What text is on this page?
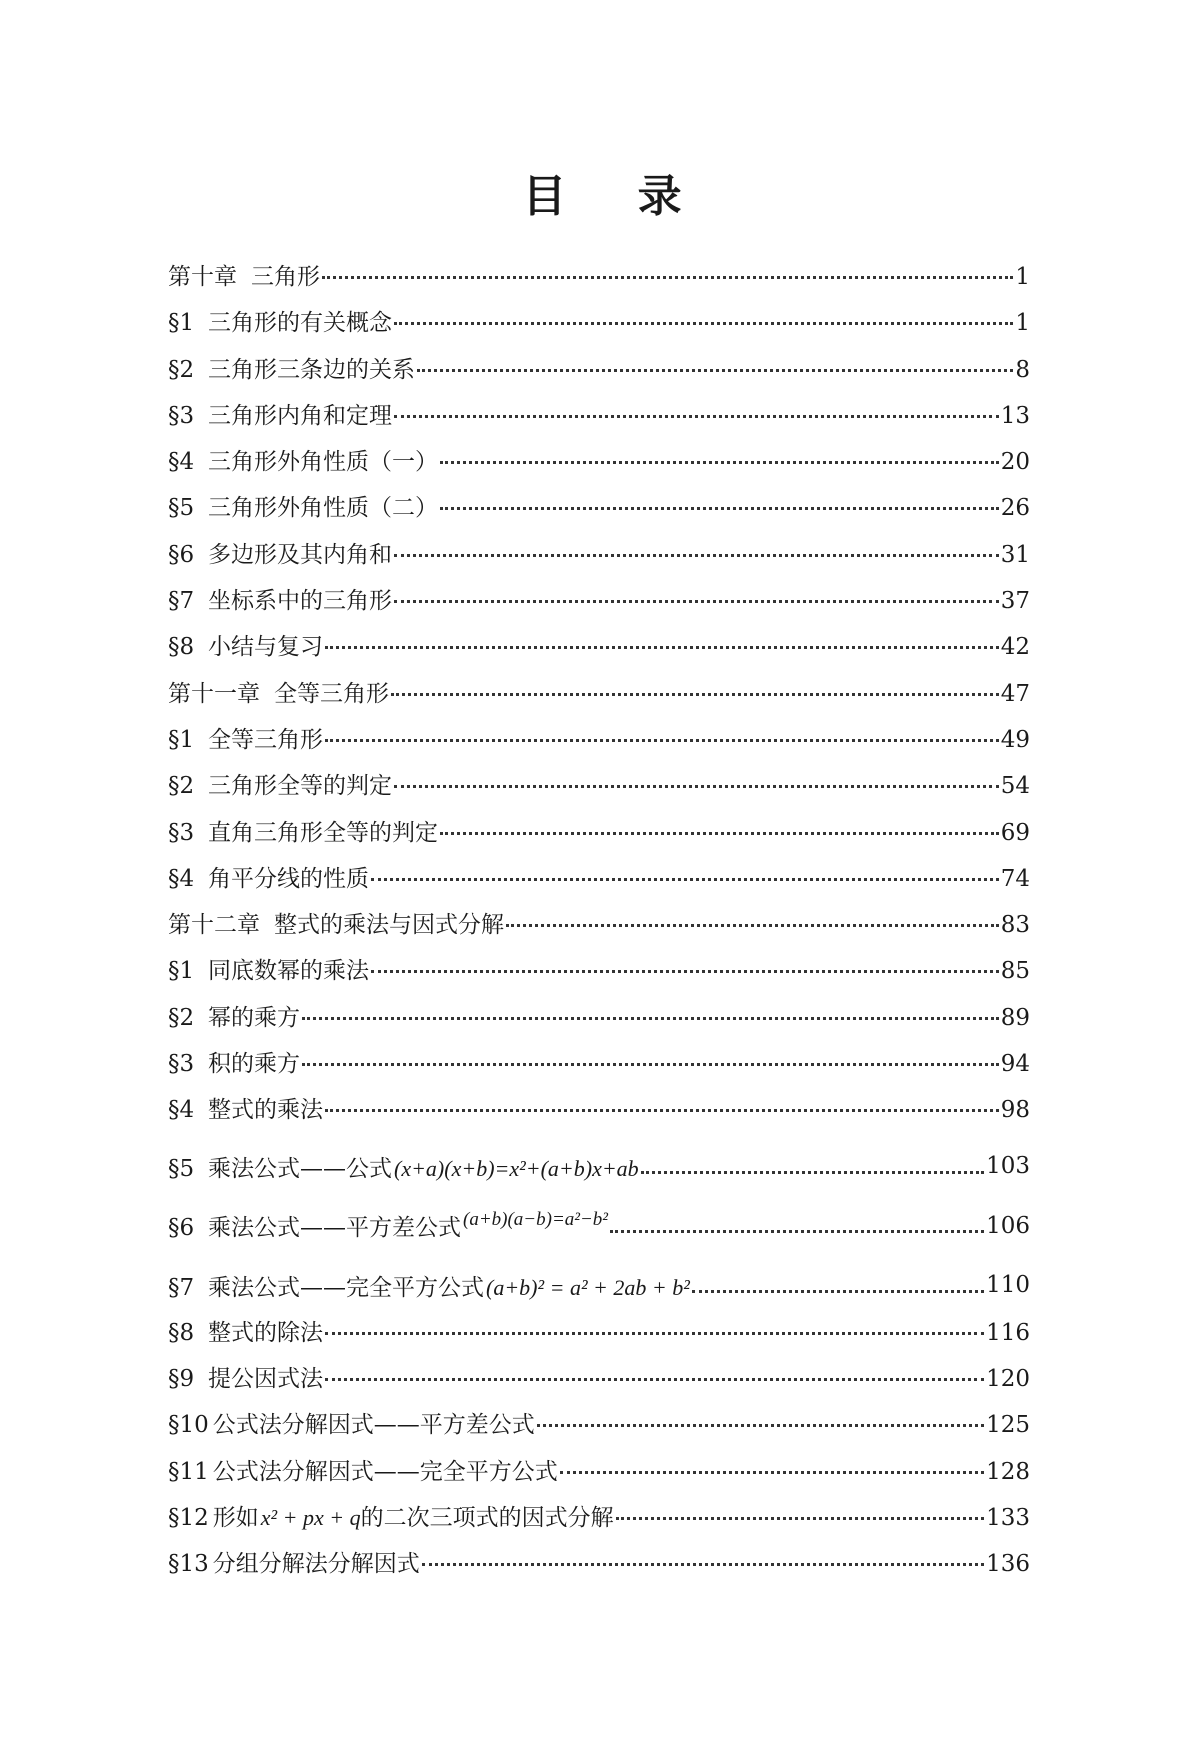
目 录
第十章 三角形	1
§1 三角形的有关概念	1
§2 三角形三条边的关系	8
§3 三角形内角和定理	13
§4 三角形外角性质（一）	20
§5 三角形外角性质（二）	26
§6 多边形及其内角和	31
§7 坐标系中的三角形	37
§8 小结与复习	42
第十一章 全等三角形	47
§1 全等三角形	49
§2 三角形全等的判定	54
§3 直角三角形全等的判定	69
§4 角平分线的性质	74
第十二章 整式的乘法与因式分解	83
§1 同底数幂的乘法	85
§2 幂的乘方	89
§3 积的乘方	94
§4 整式的乘法	98
§5 乘法公式——公式(x+a)(x+b)=x²+(a+b)x+ab	103
§6 乘法公式——平方差公式 $^{(a+b)(a-b)=a^2-b^2}$	106
§7 乘法公式——完全平方公式(a+b)² = a² + 2ab + b²	110
§8 整式的除法	116
§9 提公因式法	120
§10 公式法分解因式——平方差公式	125
§11 公式法分解因式——完全平方公式	128
§12 形如x² + px + q的二次三项式的因式分解	133
§13 分组分解法分解因式	136
